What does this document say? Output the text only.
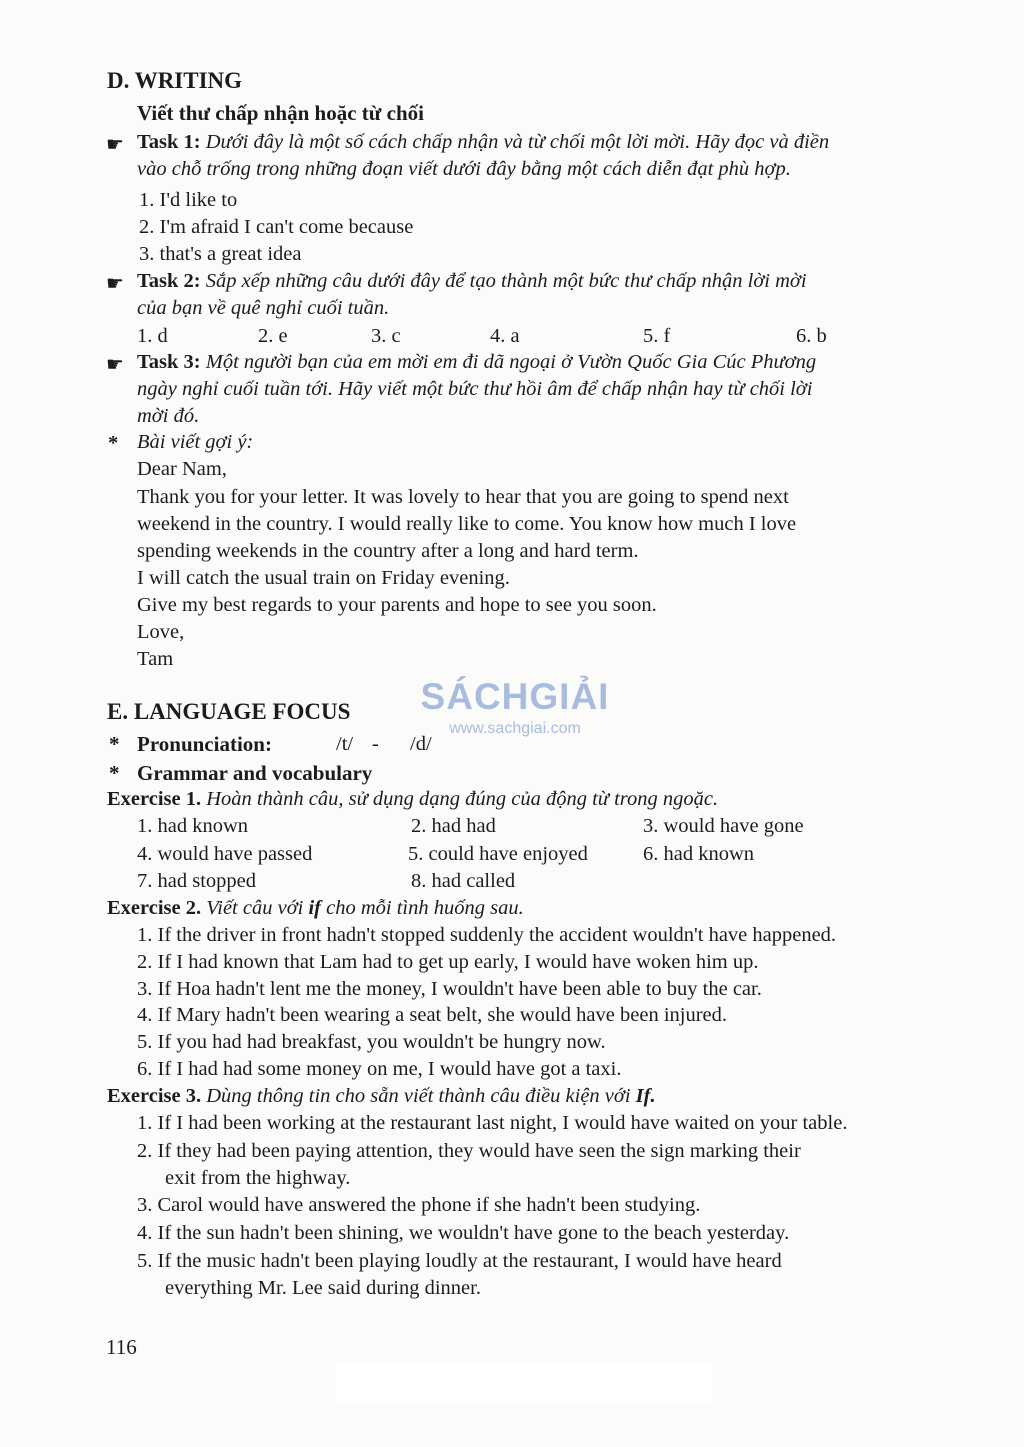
D. WRITING
Viết thư chấp nhận hoặc từ chối
☛ Task 1: Dưới đây là một số cách chấp nhận và từ chối một lời mời. Hãy đọc và điền
vào chỗ trống trong những đoạn viết dưới đây bằng một cách diễn đạt phù hợp.
1. I'd like to
2. I'm afraid I can't come because
3. that's a great idea
☛ Task 2: Sắp xếp những câu dưới đây để tạo thành một bức thư chấp nhận lời mời
của bạn về quê nghỉ cuối tuần.
1. d	2. e	3. c	4. a	5. f	6. b
☛ Task 3: Một người bạn của em mời em đi dã ngoại ở Vườn Quốc Gia Cúc Phương
ngày nghỉ cuối tuần tới. Hãy viết một bức thư hồi âm để chấp nhận hay từ chối lời
mời đó.
* Bài viết gợi ý:
Dear Nam,
Thank you for your letter. It was lovely to hear that you are going to spend next
weekend in the country. I would really like to come. You know how much I love
spending weekends in the country after a long and hard term.
I will catch the usual train on Friday evening.
Give my best regards to your parents and hope to see you soon.
Love,
Tam
E. LANGUAGE FOCUS
* Pronunciation:	/t/ - /d/
* Grammar and vocabulary
SÁCHGIẢI
www.sachgiai.com
Exercise 1. Hoàn thành câu, sử dụng dạng đúng của động từ trong ngoặc.
1. had known	2. had had	3. would have gone
4. would have passed	5. could have enjoyed	6. had known
7. had stopped	8. had called
Exercise 2. Viết câu với if cho mỗi tình huống sau.
1. If the driver in front hadn't stopped suddenly the accident wouldn't have happened.
2. If I had known that Lam had to get up early, I would have woken him up.
3. If Hoa hadn't lent me the money, I wouldn't have been able to buy the car.
4. If Mary hadn't been wearing a seat belt, she would have been injured.
5. If you had had breakfast, you wouldn't be hungry now.
6. If I had had some money on me, I would have got a taxi.
Exercise 3. Dùng thông tin cho sẵn viết thành câu điều kiện với If.
1. If I had been working at the restaurant last night, I would have waited on your table.
2. If they had been paying attention, they would have seen the sign marking their
exit from the highway.
3. Carol would have answered the phone if she hadn't been studying.
4. If the sun hadn't been shining, we wouldn't have gone to the beach yesterday.
5. If the music hadn't been playing loudly at the restaurant, I would have heard
everything Mr. Lee said during dinner.
116
